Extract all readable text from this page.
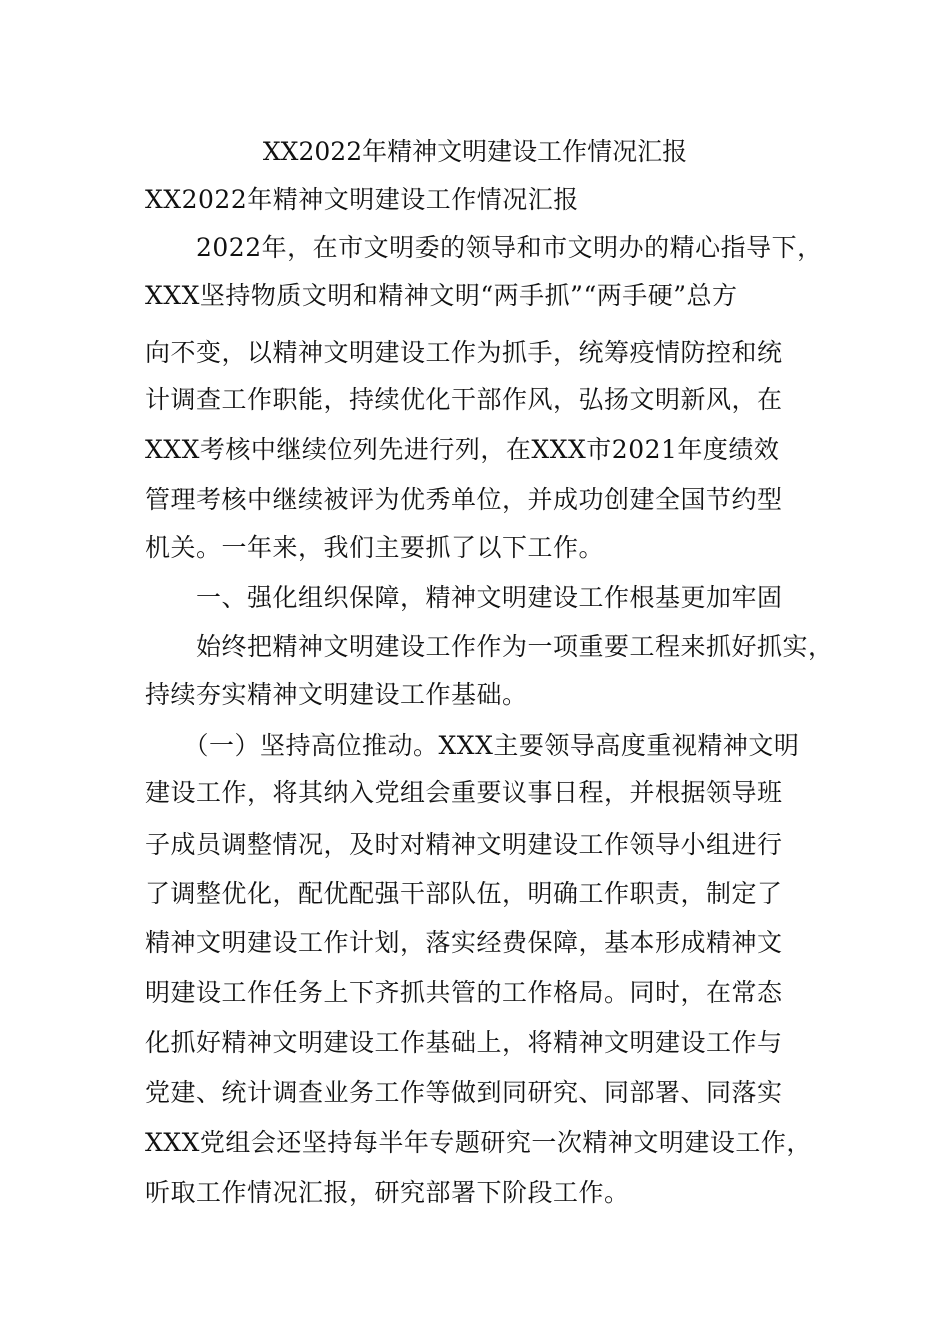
XX2022年精神文明建设工作情况汇报
XX2022年精神文明建设工作情况汇报
　　2022年，在市文明委的领导和市文明办的精心指导下，
XXX坚持物质文明和精神文明“两手抓”“两手硬”总方
向不变，以精神文明建设工作为抓手，统筹疫情防控和统
计调查工作职能，持续优化干部作风，弘扬文明新风，在
XXX考核中继续位列先进行列，在XXX市2021年度绩效
管理考核中继续被评为优秀单位，并成功创建全国节约型
机关。一年来，我们主要抓了以下工作。
　　一、强化组织保障，精神文明建设工作根基更加牢固
　　始终把精神文明建设工作作为一项重要工程来抓好抓实，
持续夯实精神文明建设工作基础。
　　（一）坚持高位推动。XXX主要领导高度重视精神文明
建设工作，将其纳入党组会重要议事日程，并根据领导班
子成员调整情况，及时对精神文明建设工作领导小组进行
了调整优化，配优配强干部队伍，明确工作职责，制定了
精神文明建设工作计划，落实经费保障，基本形成精神文
明建设工作任务上下齐抓共管的工作格局。同时，在常态
化抓好精神文明建设工作基础上，将精神文明建设工作与
党建、统计调查业务工作等做到同研究、同部署、同落实
XXX党组会还坚持每半年专题研究一次精神文明建设工作，
听取工作情况汇报，研究部署下阶段工作。
